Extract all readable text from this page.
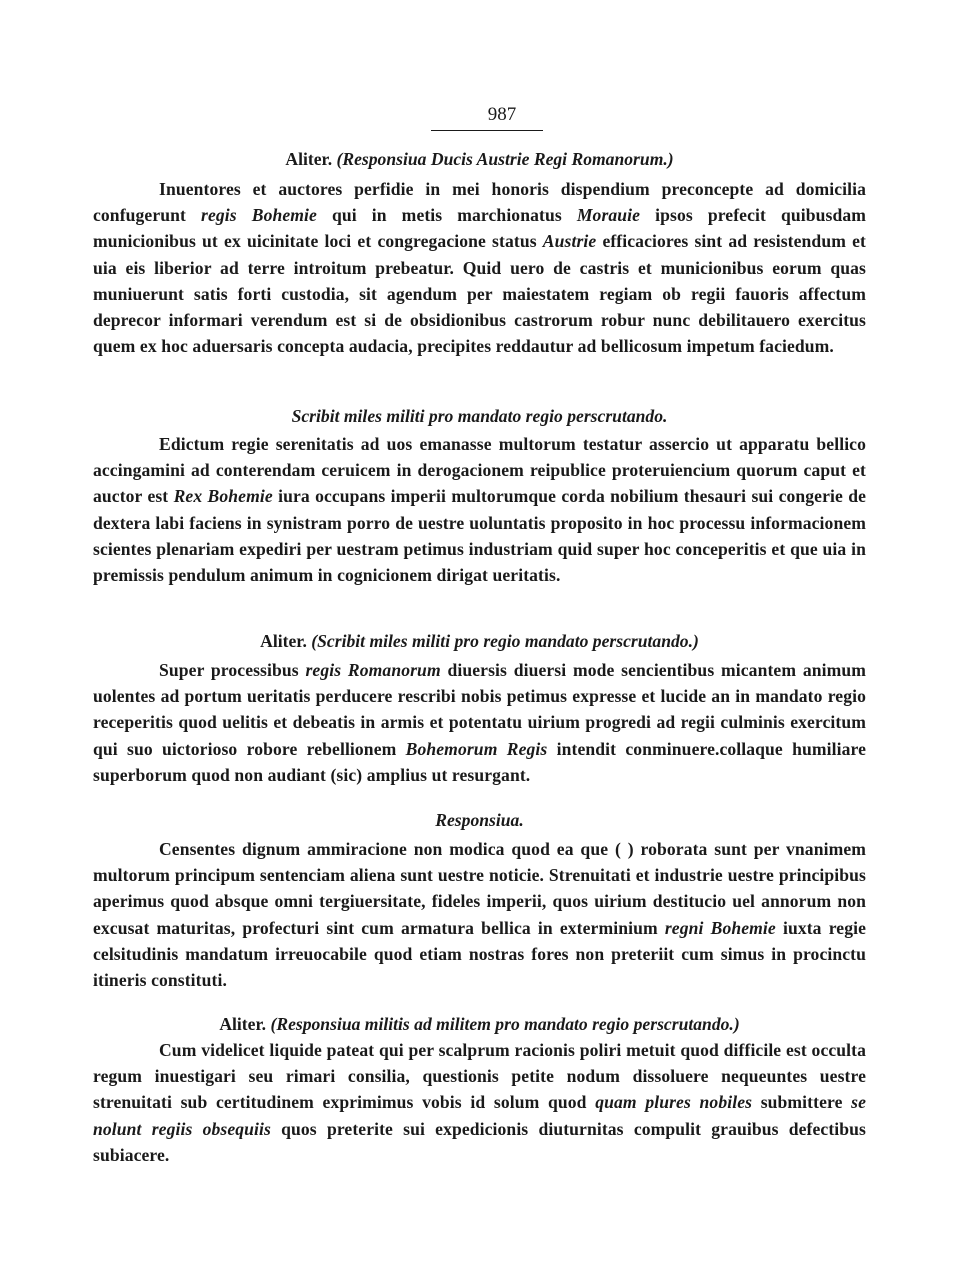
987
Aliter. (Responsiua Ducis Austrie Regi Romanorum.)

Inuentores et auctores perfidie in mei honoris dispendium preconcepte ad domicilia confugerunt regis Bohemie qui in metis marchionatus Morauie ipsos prefecit quibusdam municionibus ut ex uicinitate loci et congregacione status Austrie efficaciores sint ad resistendum et uia eis liberior ad terre introitum prebeatur. Quid uero de castris et municionibus eorum quas muniuerunt satis forti custodia, sit agendum per maiestatem regiam ob regii fauoris affectum deprecor informari verendum est si de obsidionibus castrorum robur nunc debilitauero exercitus quem ex hoc aduersaris concepta audacia, precipites reddautur ad bellicosum impetum faciedum.

Scribit miles militi pro mandato regio perscrutando.

Edictum regie serenitatis ad uos emanasse multorum testatur assercio ut apparatu bellico accingamini ad conterendam ceruicem in derogacionem reipublice proteruiencium quorum caput et auctor est Rex Bohemie iura occupans imperii multorumque corda nobilium thesauri sui congerie de dextera labi faciens in synistram porro de uestre uoluntatis proposito in hoc processu informacionem scientes plenariam expediri per uestram petimus industriam quid super hoc conceperitis et que uia in premissis pendulum animum in cognicionem dirigat ueritatis.

Aliter. (Scribit miles militi pro regio mandato perscrutando.)

Super processibus regis Romanorum diuersis diuersi mode sencientibus micantem animum uolentes ad portum ueritatis perducere rescribi nobis petimus expresse et lucide an in mandato regio receperitis quod uelitis et debeatis in armis et potentatu uirium progredi ad regii culminis exercitum qui suo uictorioso robore rebellionem Bohemorum Regis intendit conminuere.collaque humiliare superborum quod non audiant (sic) amplius ut resurgant.

Responsiua.

Censentes dignum ammiracione non modica quod ea que ( ) roborata sunt per vnanimem multorum principum sentenciam aliena sunt uestre noticie. Strenuitati et industrie uestre principibus aperimus quod absque omni tergiuersitate, fideles imperii, quos uirium destitucio uel annorum non excusat maturitas, profecturi sint cum armatura bellica in exterminium regni Bohemie iuxta regie celsitudinis mandatum irreuocabile quod etiam nostras fores non preteriit cum simus in procinctu itineris constituti.

Aliter. (Responsiua militis ad militem pro mandato regio perscrutando.)

Cum videlicet liquide pateat qui per scalprum racionis poliri metuit quod difficile est occulta regum inuestigari seu rimari consilia, questionis petite nodum dissoluere nequeuntes uestre strenuitati sub certitudinem exprimimus vobis id solum quod quam plures nobiles submittere se nolunt regiis obsequiis quos preterite sui expedicionis diuturnitas compulit grauibus defectibus subiacere.
